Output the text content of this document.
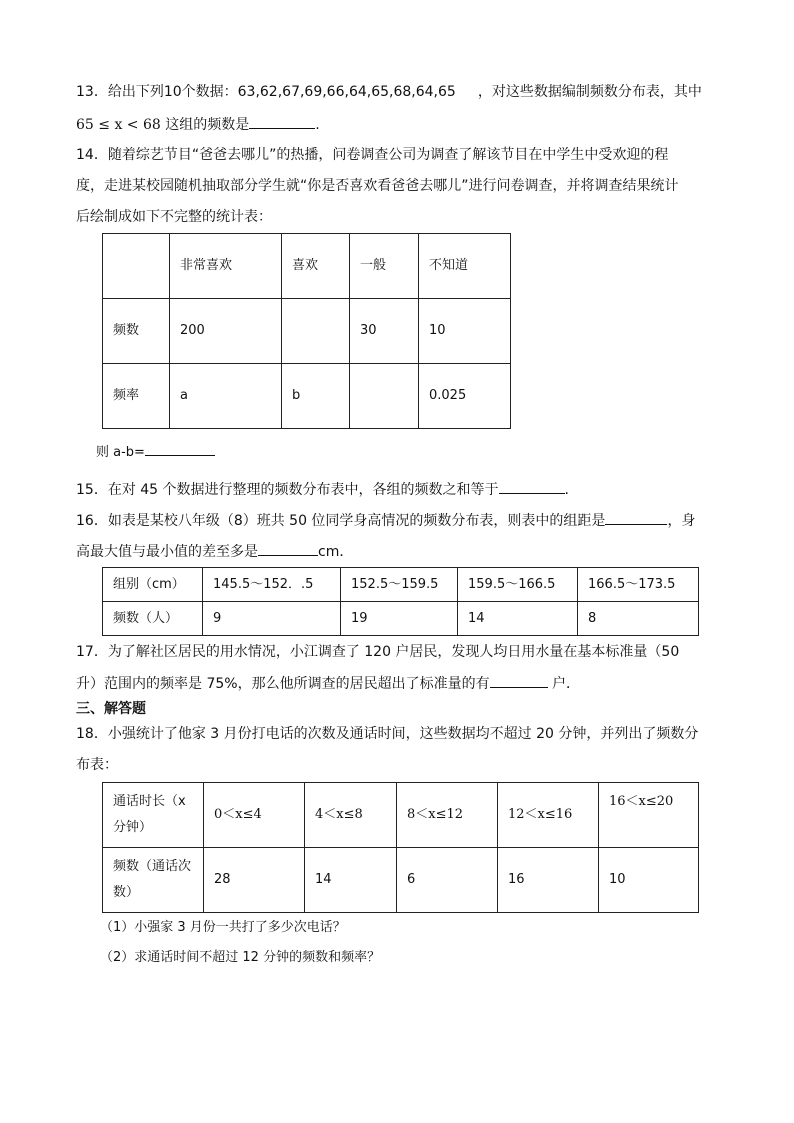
13．给出下列10个数据：63,62,67,69,66,64,65,68,64,65 ，对这些数据编制频数分布表，其中
65 ≤ x < 68 这组的频数是	.
14．随着综艺节目“爸爸去哪儿”的热播，问卷调查公司为调查了解该节目在中学生中受欢迎的程
度，走进某校园随机抽取部分学生就“你是否喜欢看爸爸去哪儿”进行问卷调查，并将调查结果统计
后绘制成如下不完整的统计表：
	非常喜欢	喜欢	一般	不知道
频数	200		30	10
频率	a	b		0.025
则 a-b=
15．在对 45 个数据进行整理的频数分布表中，各组的频数之和等于	.
16．如表是某校八年级（8）班共 50 位同学身高情况的频数分布表，则表中的组距是	，身
高最大值与最小值的差至多是	cm．
组别（cm）	145.5～152．.5	152.5～159.5	159.5～166.5	166.5～173.5
频数（人）	9	19	14	8
17．为了解社区居民的用水情况，小江调查了 120 户居民，发现人均日用水量在基本标准量（50
升）范围内的频率是 75%，那么他所调查的居民超出了标准量的有	户．
三、解答题
18．小强统计了他家 3 月份打电话的次数及通话时间，这些数据均不超过 20 分钟，并列出了频数分
布表：
通话时长（x
分钟）	0＜x≤4	4＜x≤8	8＜x≤12	12＜x≤16	16＜x≤20

频数（通话次
数）	28	14	6	16	10
（1）小强家 3 月份一共打了多少次电话？
（2）求通话时间不超过 12 分钟的频数和频率？
